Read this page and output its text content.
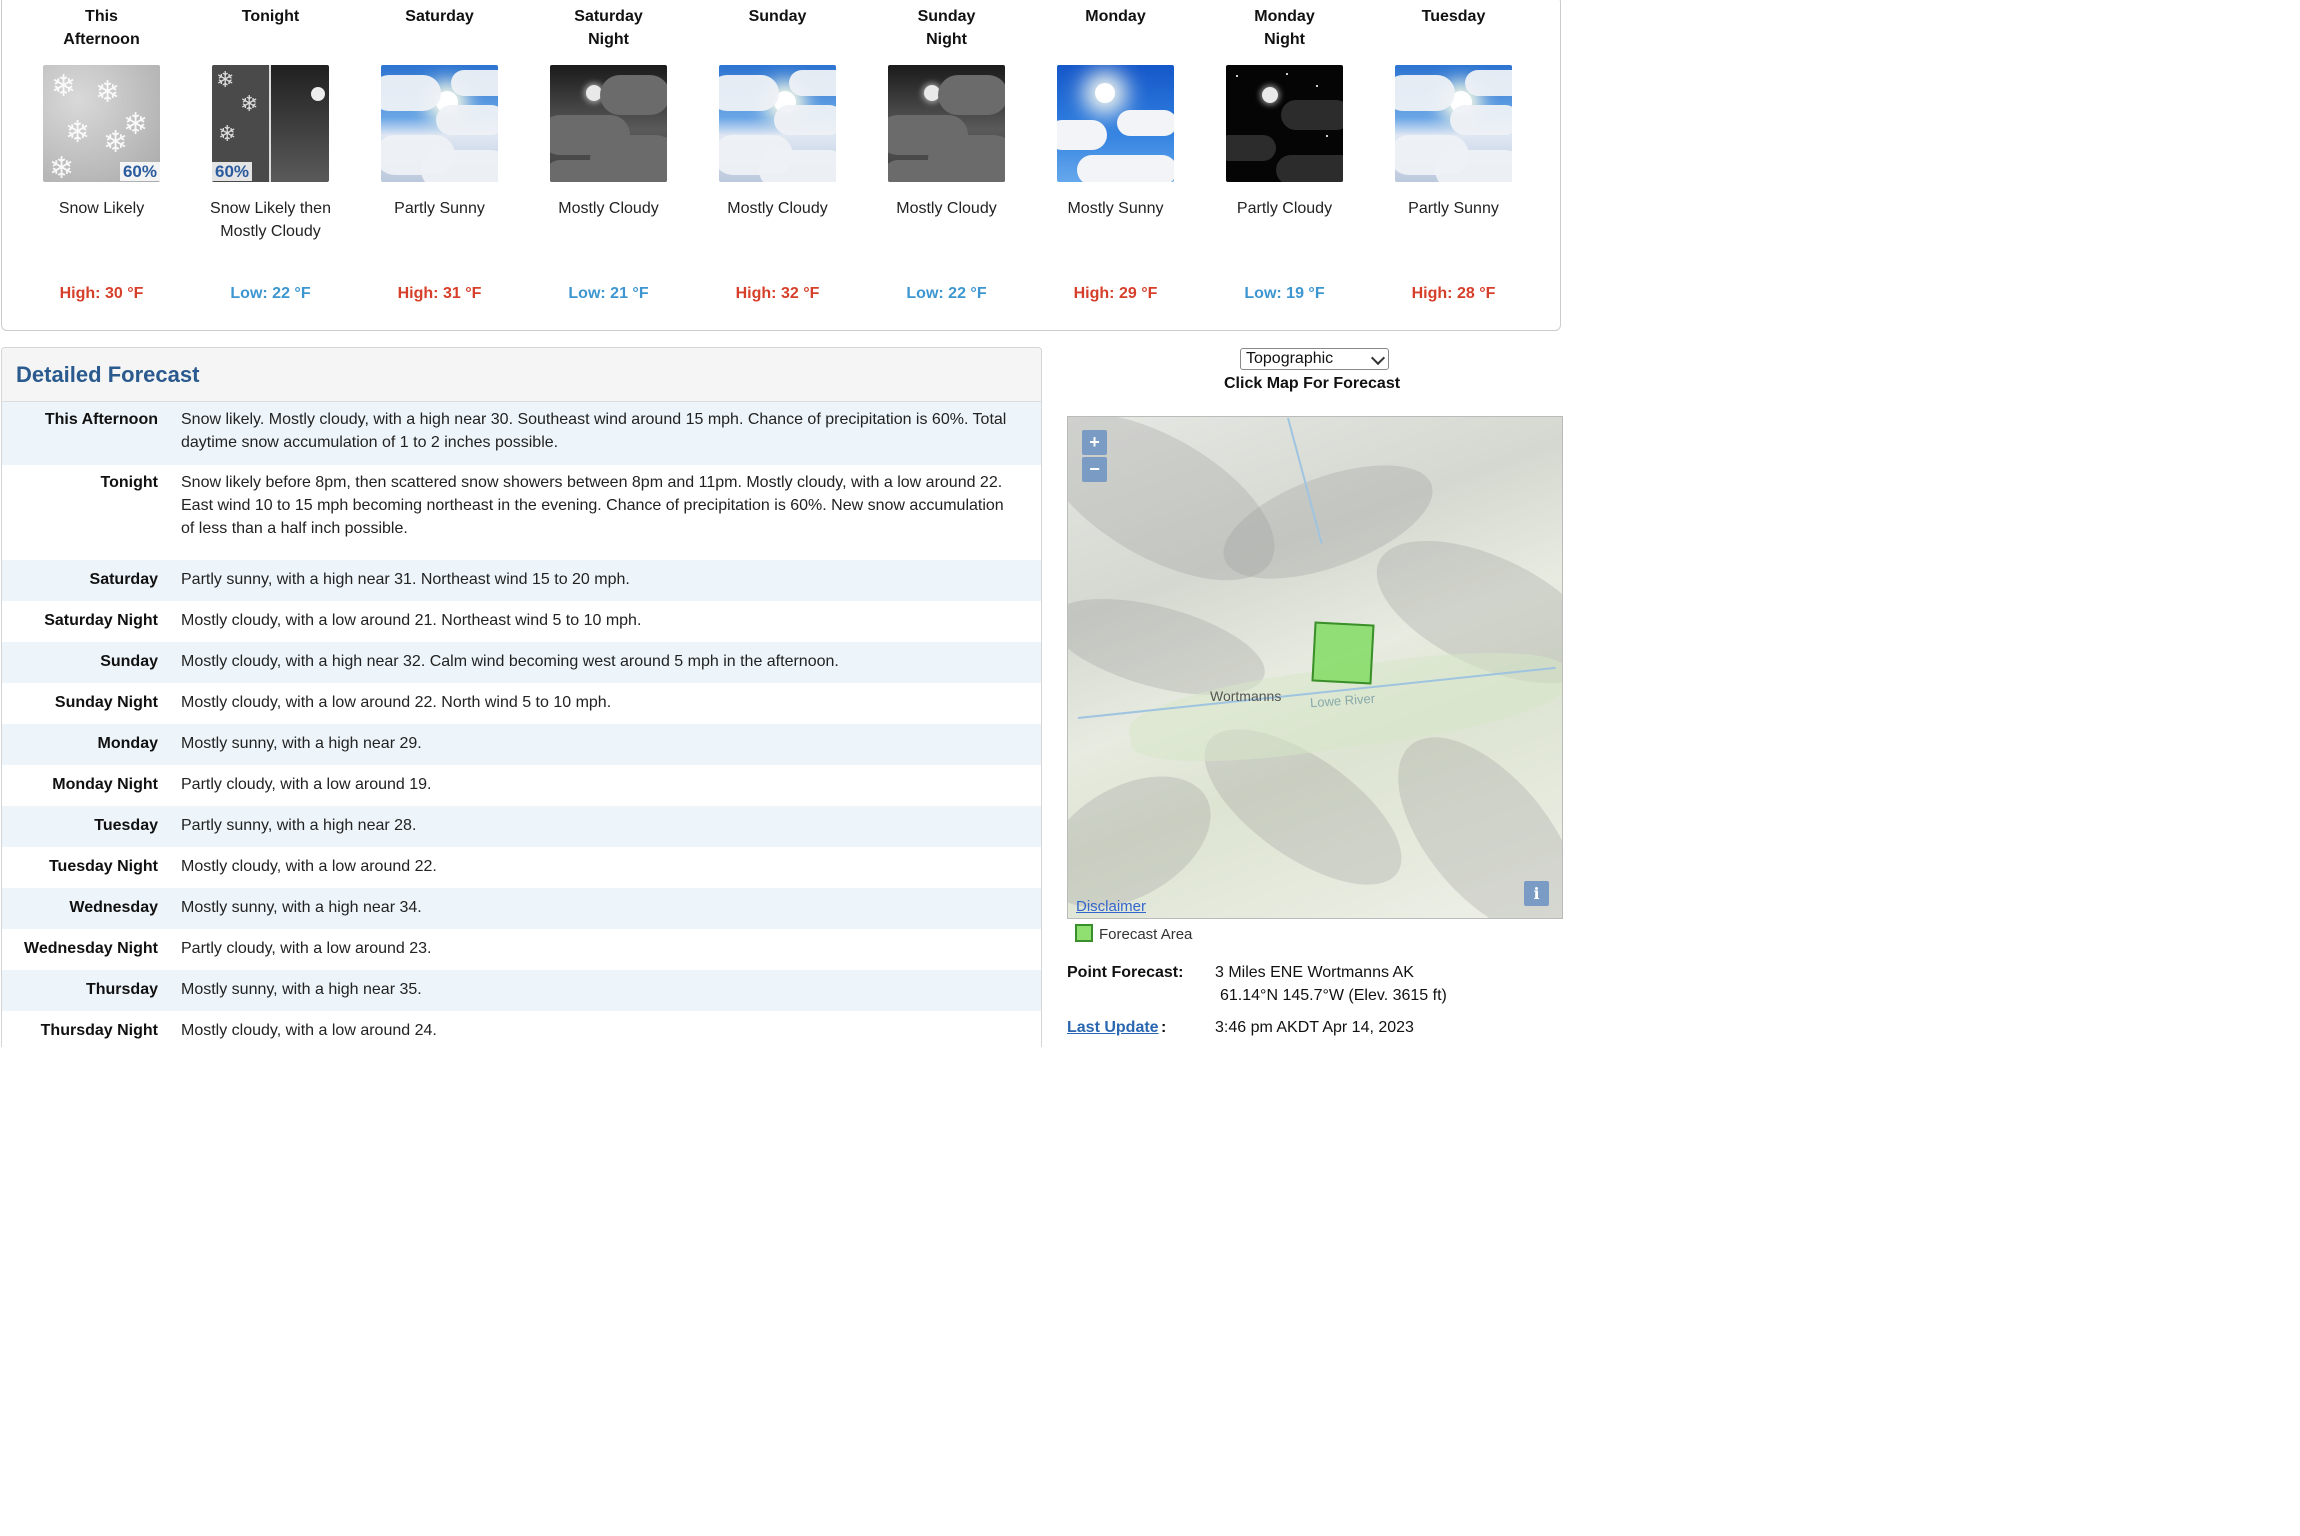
This
Afternoon
❄ ❄
❄
❄ ❄
❄	60%
Snow Likely
High: 30 °F
Tonight
❄
❄
❄
60%
Snow Likely then Mostly Cloudy
Low: 22 °F
Saturday
Partly Sunny
High: 31 °F
Saturday
Night
Mostly Cloudy
Low: 21 °F
Sunday
Mostly Cloudy
High: 32 °F
Sunday
Night
Mostly Cloudy
Low: 22 °F
Monday
Mostly Sunny
High: 29 °F
Monday
Night
Partly Cloudy
Low: 19 °F
Tuesday
Partly Sunny
High: 28 °F
Detailed Forecast
This Afternoon Snow likely. Mostly cloudy, with a high near 30. Southeast wind around 15 mph. Chance of precipitation is 60%. Total daytime snow accumulation of 1 to 2 inches possible.
Tonight Snow likely before 8pm, then scattered snow showers between 8pm and 11pm. Mostly cloudy, with a low around 22. East wind 10 to 15 mph becoming northeast in the evening. Chance of precipitation is 60%. New snow accumulation of less than a half inch possible.
Saturday Partly sunny, with a high near 31. Northeast wind 15 to 20 mph.
Saturday Night Mostly cloudy, with a low around 21. Northeast wind 5 to 10 mph.
Sunday Mostly cloudy, with a high near 32. Calm wind becoming west around 5 mph in the afternoon.
Sunday Night Mostly cloudy, with a low around 22. North wind 5 to 10 mph.
Monday Mostly sunny, with a high near 29.
Monday Night Partly cloudy, with a low around 19.
Tuesday Partly sunny, with a high near 28.
Tuesday Night Mostly cloudy, with a low around 22.
Wednesday Mostly sunny, with a high near 34.
Wednesday Night Partly cloudy, with a low around 23.
Thursday Mostly sunny, with a high near 35.
Thursday Night Mostly cloudy, with a low around 24.
Topographic
Click Map For Forecast
+
−
Wortmanns Lowe River
Disclaimer
i
Forecast Area
Point Forecast: 3 Miles ENE Wortmanns AK
61.14°N 145.7°W (Elev. 3615 ft)
Last Update :	3:46 pm AKDT Apr 14, 2023
